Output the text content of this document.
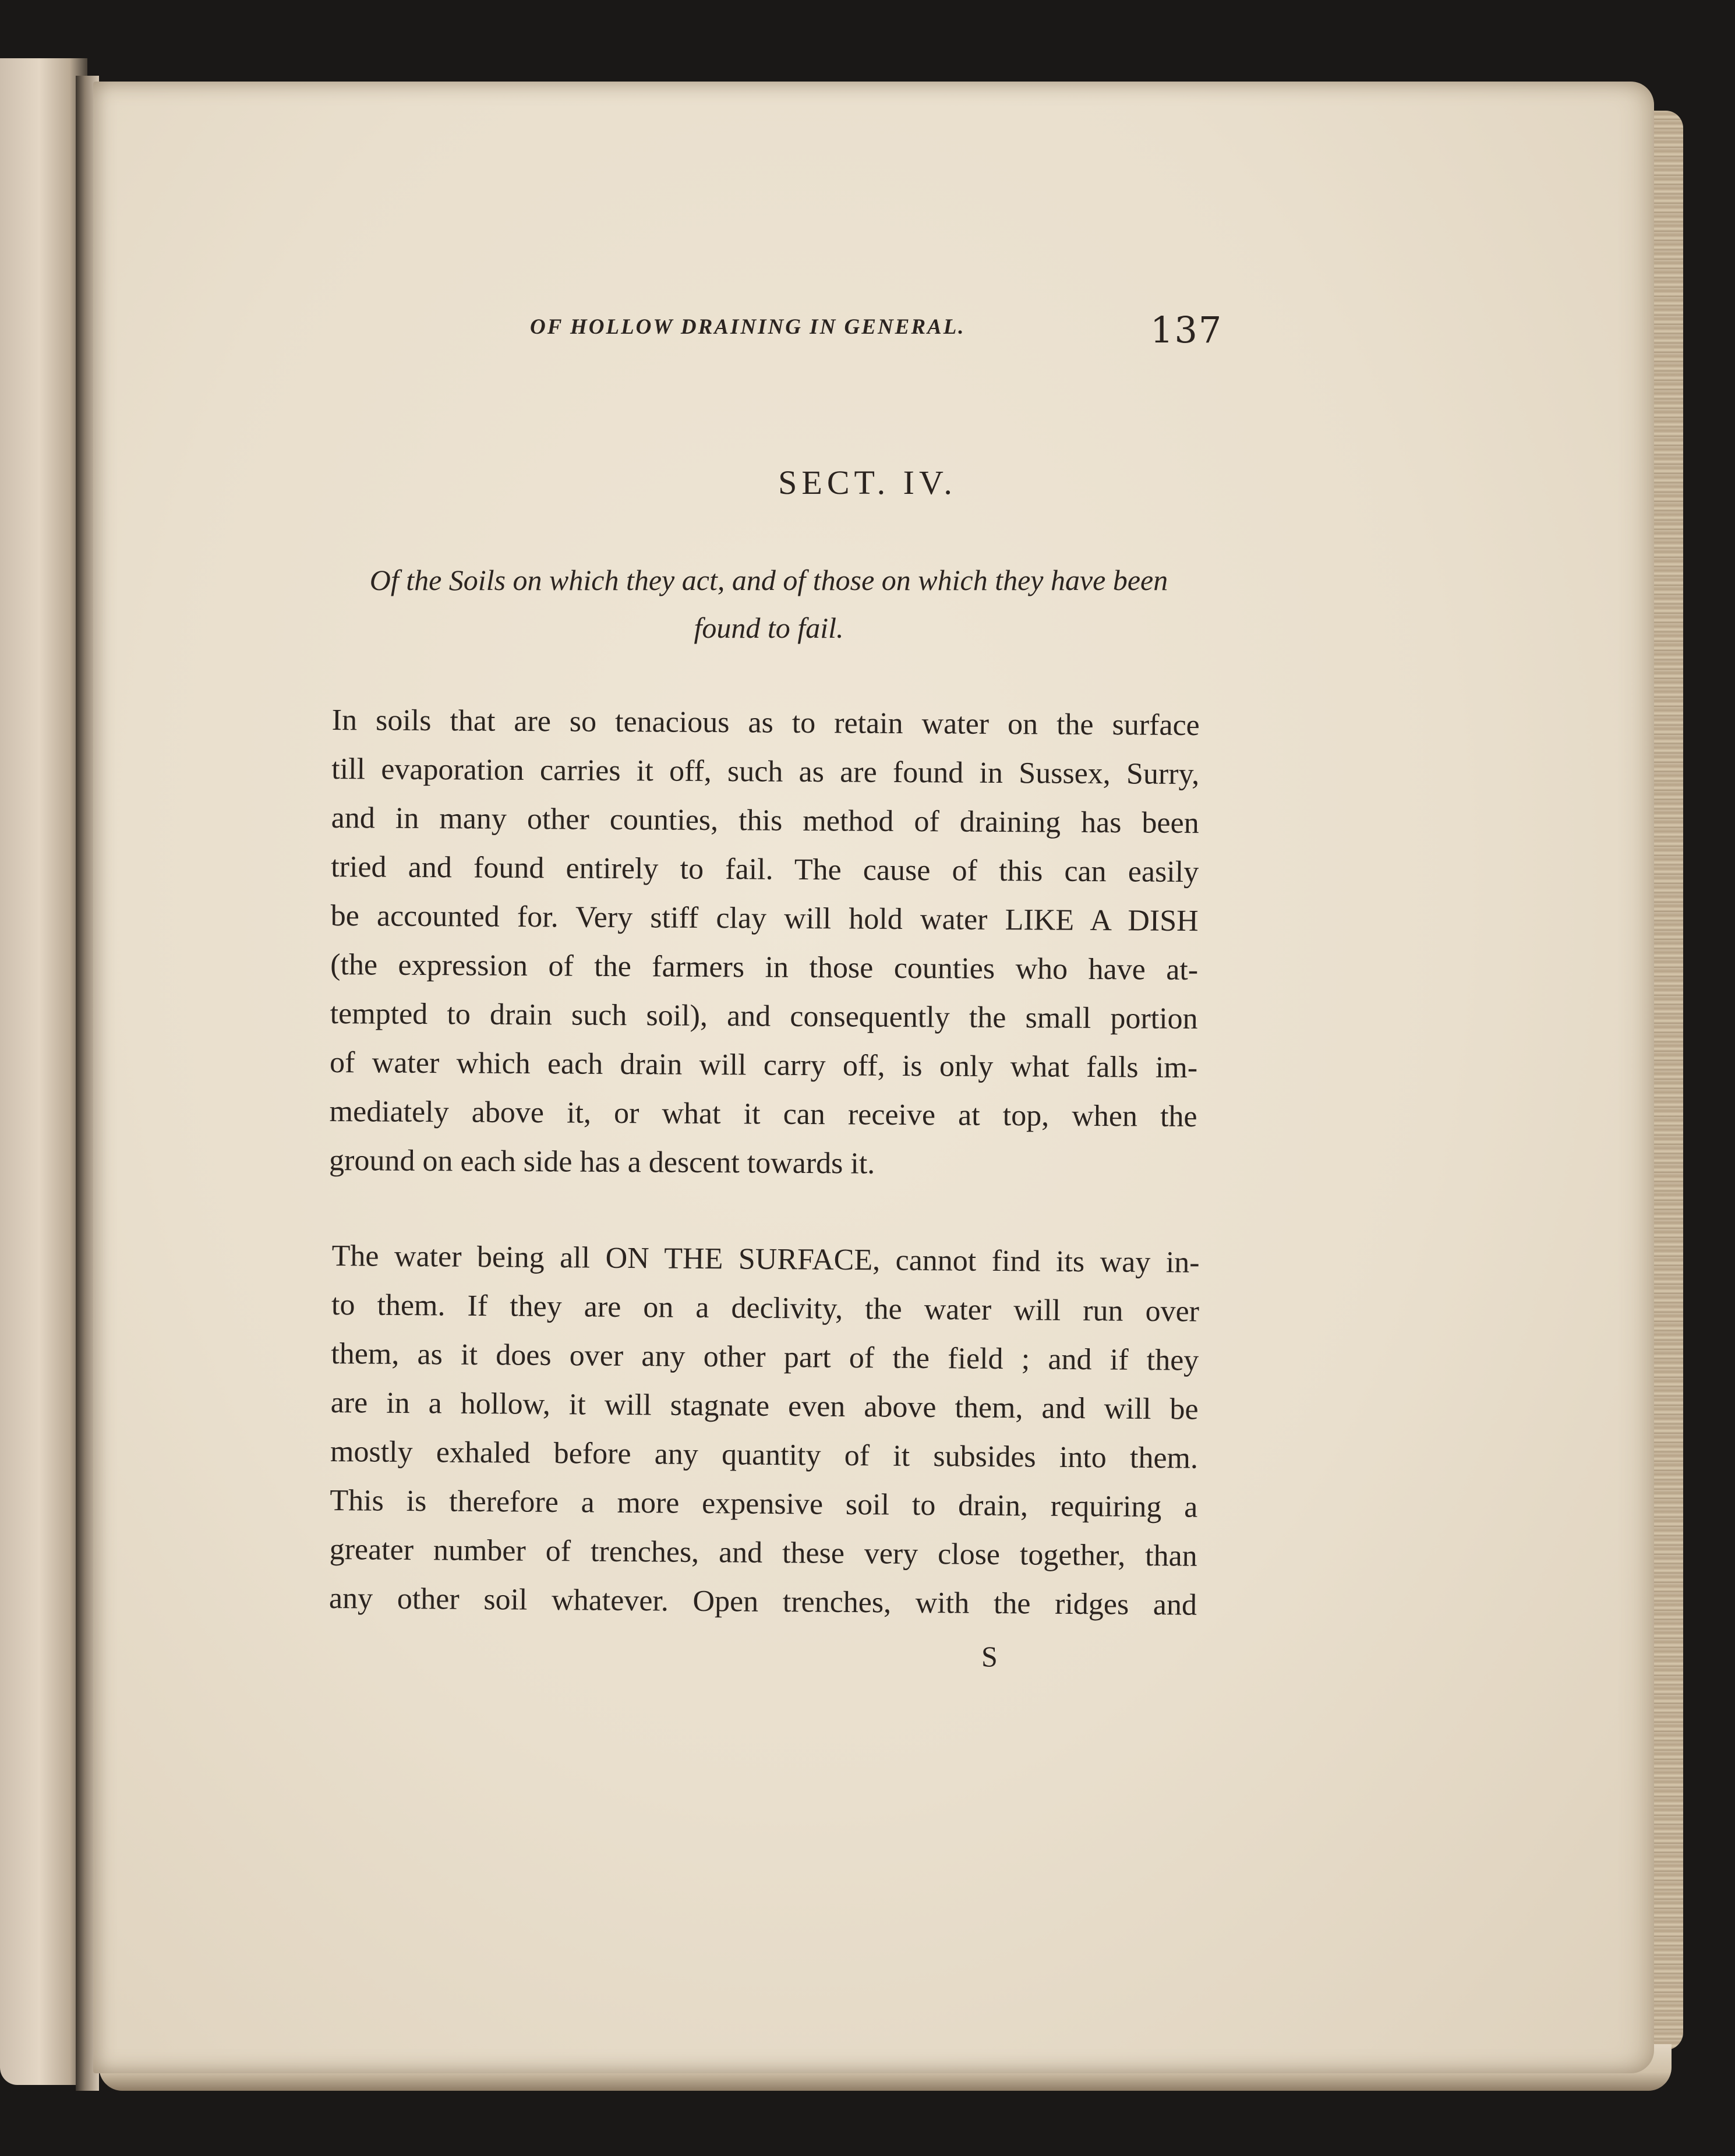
OF HOLLOW DRAINING IN GENERAL.	137
SECT. IV.
Of the Soils on which they act, and of those on which they have been
found to fail.
In soils that are so tenacious as to retain water on the surface
till evaporation carries it off, such as are found in Sussex, Surry,
and in many other counties, this method of draining has been
tried and found entirely to fail. The cause of this can easily
be accounted for. Very stiff clay will hold water LIKE A DISH
(the expression of the farmers in those counties who have at-
tempted to drain such soil), and consequently the small portion
of water which each drain will carry off, is only what falls im-
mediately above it, or what it can receive at top, when the
ground on each side has a descent towards it.
The water being all ON THE SURFACE, cannot find its way in-
to them. If they are on a declivity, the water will run over
them, as it does over any other part of the field ; and if they
are in a hollow, it will stagnate even above them, and will be
mostly exhaled before any quantity of it subsides into them.
This is therefore a more expensive soil to drain, requiring a
greater number of trenches, and these very close together, than
any other soil whatever. Open trenches, with the ridges and
S
